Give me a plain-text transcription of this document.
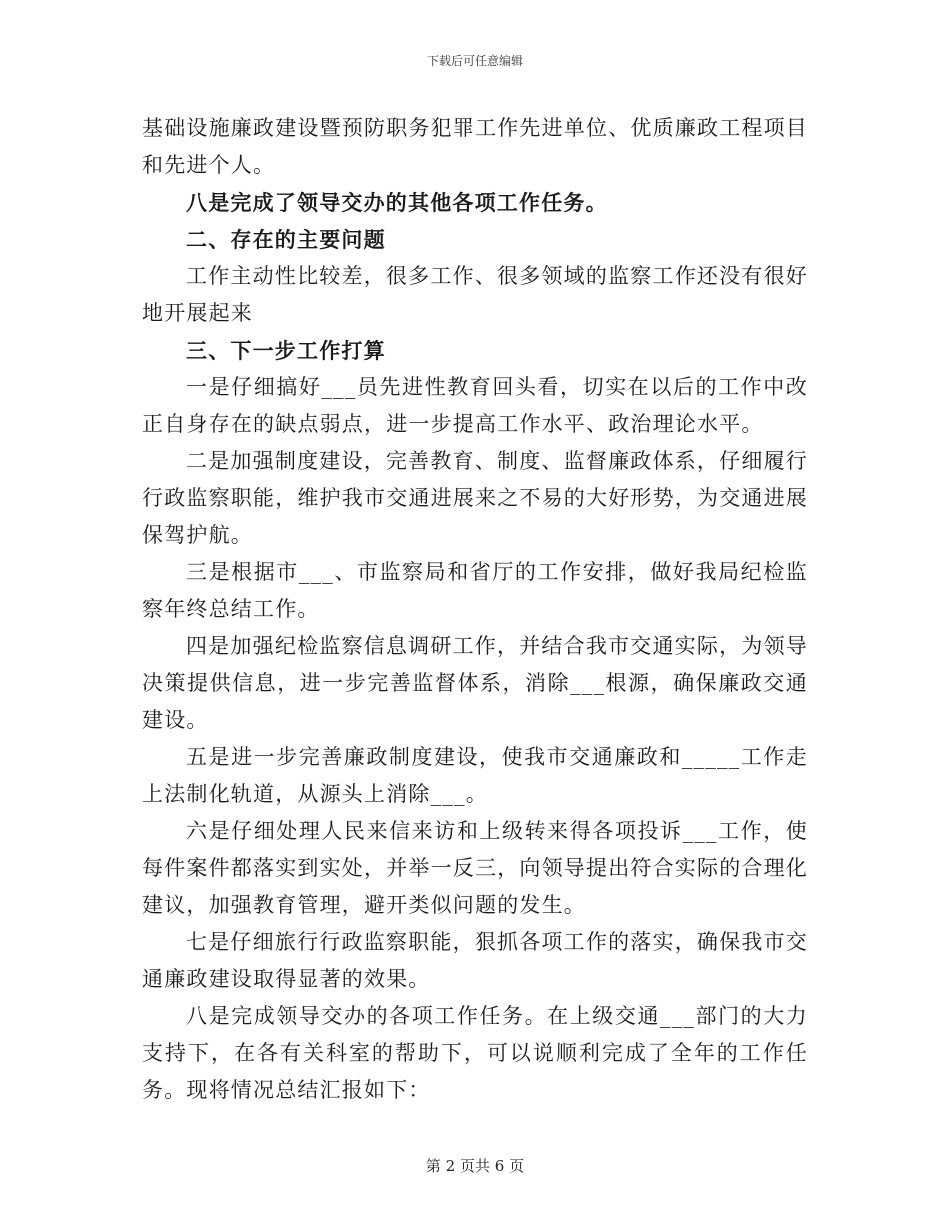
下载后可任意编辑

基础设施廉政建设暨预防职务犯罪工作先进单位、优质廉政工程项目和先进个人。

八是完成了领导交办的其他各项工作任务。

二、存在的主要问题

工作主动性比较差，很多工作、很多领域的监察工作还没有很好地开展起来

三、下一步工作打算

一是仔细搞好___员先进性教育回头看，切实在以后的工作中改正自身存在的缺点弱点，进一步提高工作水平、政治理论水平。

二是加强制度建设，完善教育、制度、监督廉政体系，仔细履行行政监察职能，维护我市交通进展来之不易的大好形势，为交通进展保驾护航。

三是根据市___、市监察局和省厅的工作安排，做好我局纪检监察年终总结工作。

四是加强纪检监察信息调研工作，并结合我市交通实际，为领导决策提供信息，进一步完善监督体系，消除___根源，确保廉政交通建设。

五是进一步完善廉政制度建设，使我市交通廉政和_____工作走上法制化轨道，从源头上消除___。

六是仔细处理人民来信来访和上级转来得各项投诉___工作，使每件案件都落实到实处，并举一反三，向领导提出符合实际的合理化建议，加强教育管理，避开类似问题的发生。

七是仔细旅行行政监察职能，狠抓各项工作的落实，确保我市交通廉政建设取得显著的效果。

八是完成领导交办的各项工作任务。在上级交通___部门的大力支持下，在各有关科室的帮助下，可以说顺利完成了全年的工作任务。现将情况总结汇报如下：

第 2 页共 6 页
